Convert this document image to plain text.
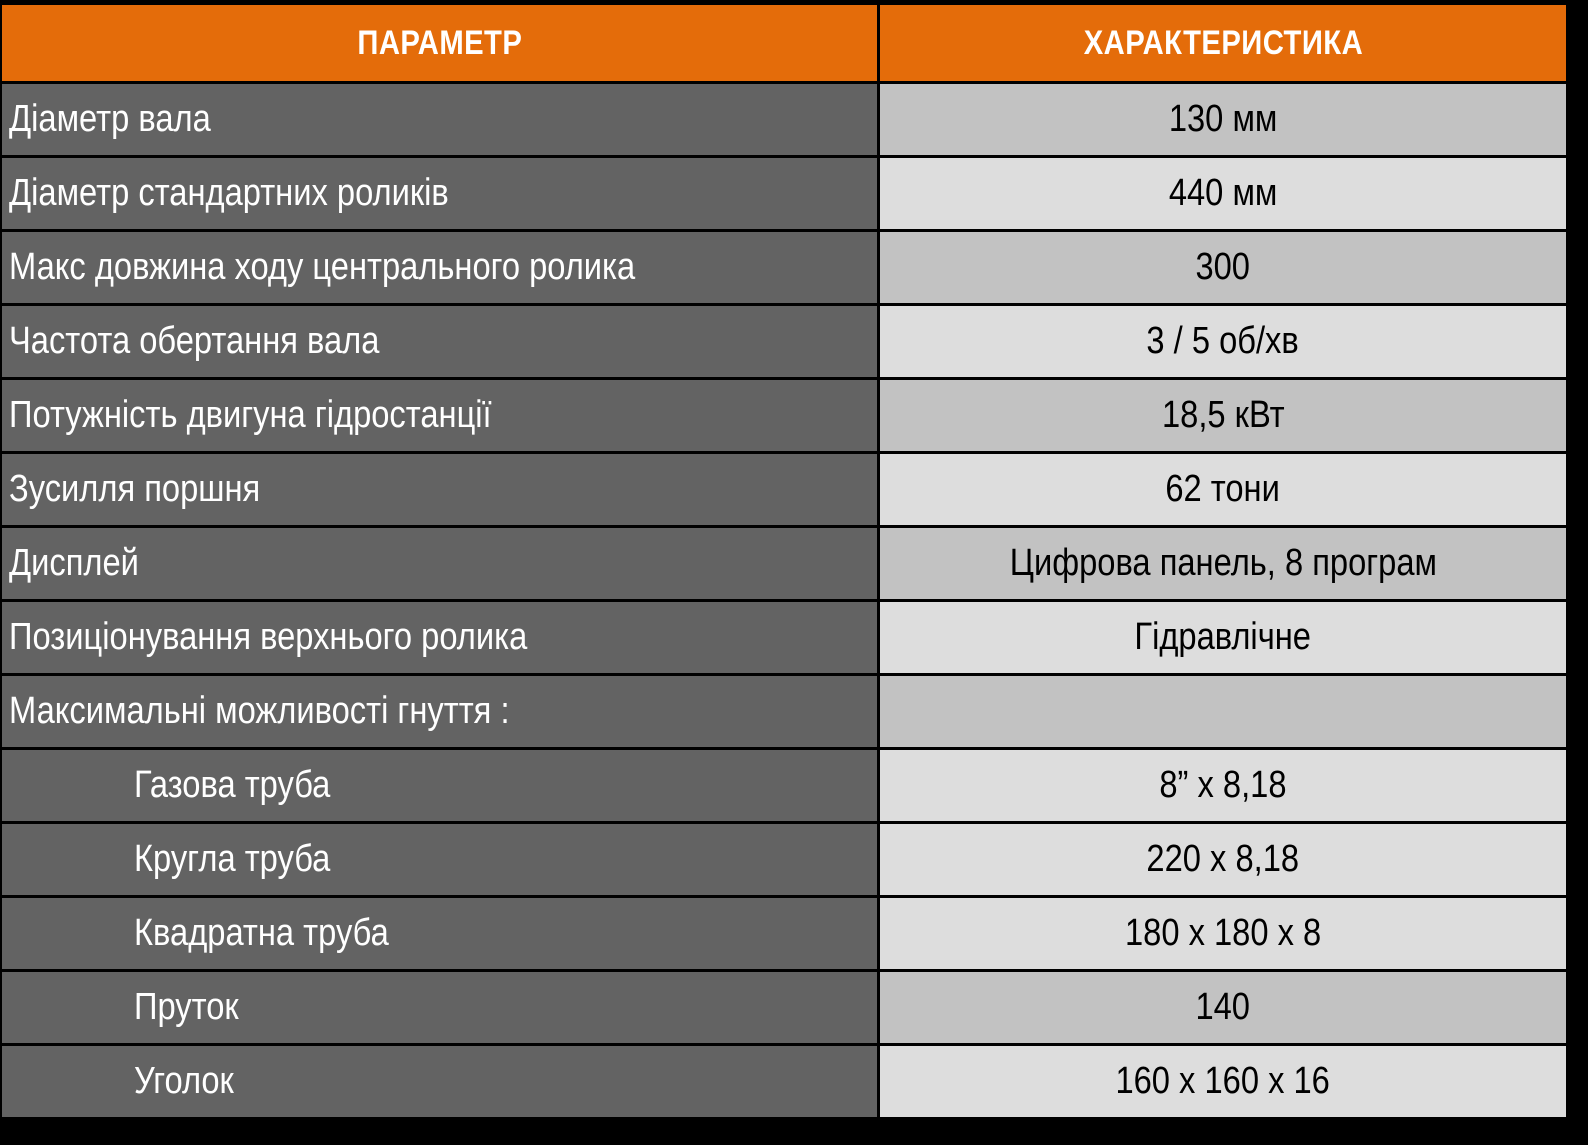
ПАРАМЕТР	ХАРАКТЕРИСТИКА
Діаметр вала	130 мм
Діаметр стандартних роликів	440 мм
Макс довжина ходу центрального ролика	300
Частота обертання вала	3 / 5 об/хв
Потужність двигуна гідростанції	18,5 кВт
Зусилля поршня	62 тони
Дисплей	Цифрова панель, 8 програм
Позиціонування верхнього ролика	Гідравлічне
Максимальні можливості гнуття :
Газова труба	8” х 8,18
Кругла труба	220 х 8,18
Квадратна труба	180 х 180 х 8
Пруток	140
Уголок	160 х 160 х 16
